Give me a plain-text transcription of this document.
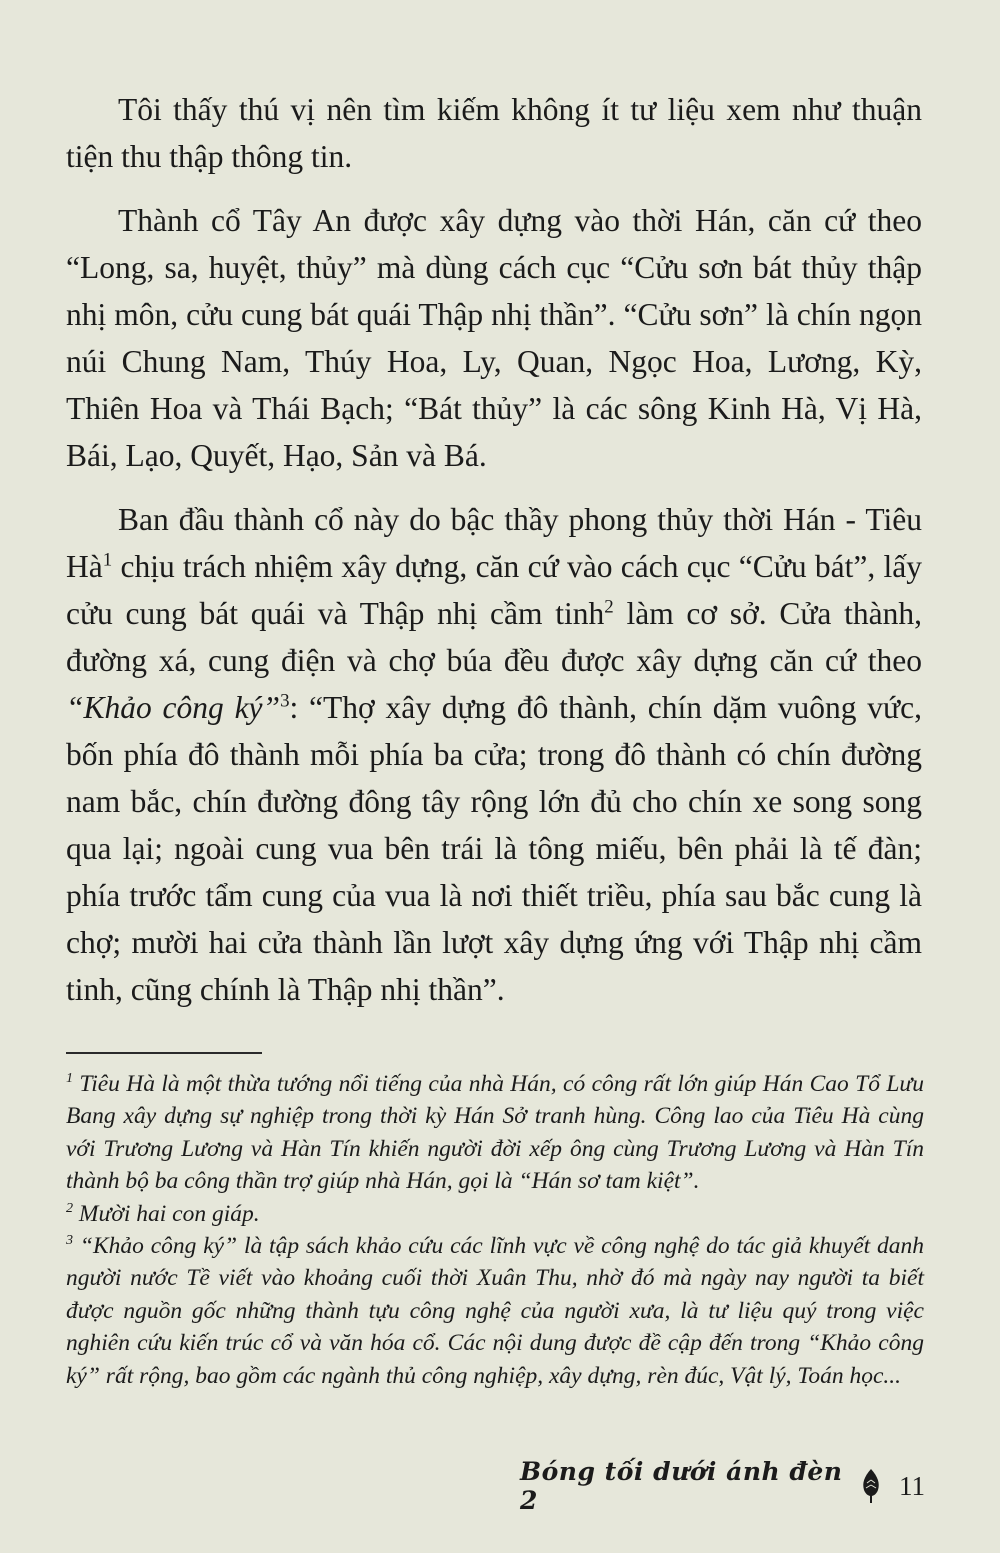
Tôi thấy thú vị nên tìm kiếm không ít tư liệu xem như thuận tiện thu thập thông tin.

Thành cổ Tây An được xây dựng vào thời Hán, căn cứ theo “Long, sa, huyệt, thủy” mà dùng cách cục “Cửu sơn bát thủy thập nhị môn, cửu cung bát quái Thập nhị thần”. “Cửu sơn” là chín ngọn núi Chung Nam, Thúy Hoa, Ly, Quan, Ngọc Hoa, Lương, Kỳ, Thiên Hoa và Thái Bạch; “Bát thủy” là các sông Kinh Hà, Vị Hà, Bái, Lạo, Quyết, Hạo, Sản và Bá.

Ban đầu thành cổ này do bậc thầy phong thủy thời Hán - Tiêu $Hà^1$ chịu trách nhiệm xây dựng, căn cứ vào cách cục “Cửu bát”, lấy cửu cung bát quái và Thập nhị cầm tinh$^2$ làm cơ sở. Cửa thành, đường xá, cung điện và chợ búa đều được xây dựng căn cứ theo “Khảo công ký”$^3$: “Thợ xây dựng đô thành, chín dặm vuông vức, bốn phía đô thành mỗi phía ba cửa; trong đô thành có chín đường nam bắc, chín đường đông tây rộng lớn đủ cho chín xe song song qua lại; ngoài cung vua bên trái là tông miếu, bên phải là tế đàn; phía trước tẩm cung của vua là nơi thiết triều, phía sau bắc cung là chợ; mười hai cửa thành lần lượt xây dựng ứng với Thập nhị cầm tinh, cũng chính là Thập nhị thần”.

$^1$ Tiêu Hà là một thừa tướng nổi tiếng của nhà Hán, có công rất lớn giúp Hán Cao Tổ Lưu Bang xây dựng sự nghiệp trong thời kỳ Hán Sở tranh hùng. Công lao của Tiêu Hà cùng với Trương Lương và Hàn Tín khiến người đời xếp ông cùng Trương Lương và Hàn Tín thành bộ ba công thần trợ giúp nhà Hán, gọi là “Hán sơ tam kiệt”.

$^2$ Mười hai con giáp.

$^3$ “Khảo công ký” là tập sách khảo cứu các lĩnh vực về công nghệ do tác giả khuyết danh người nước Tề viết vào khoảng cuối thời Xuân Thu, nhờ đó mà ngày nay người ta biết được nguồn gốc những thành tựu công nghệ của người xưa, là tư liệu quý trong việc nghiên cứu kiến trúc cổ và văn hóa cổ. Các nội dung được đề cập đến trong “Khảo công ký” rất rộng, bao gồm các ngành thủ công nghiệp, xây dựng, rèn đúc, Vật lý, Toán học...

Bóng tối dưới ánh đèn 2	11
